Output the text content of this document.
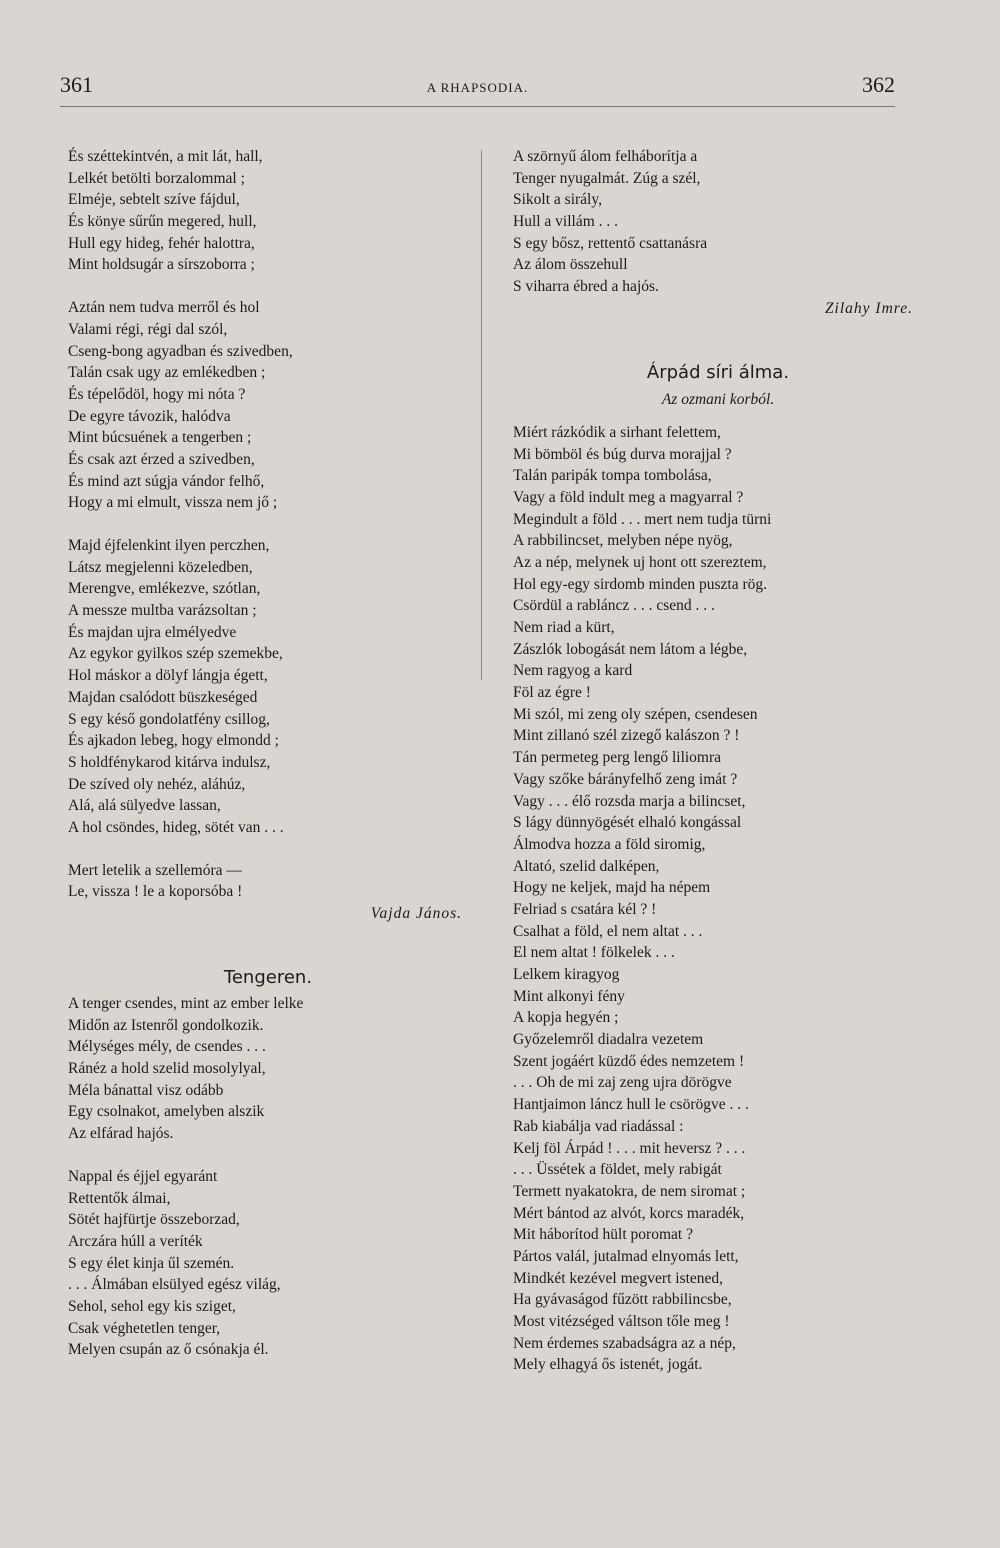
361	A RHAPSODIA.	362
És széttekintvén, a mit lát, hall,
Lelkét betölti borzalommal ;
Elméje, sebtelt szíve fájdul,
És könye sűrűn megered, hull,
Hull egy hideg, fehér halottra,
Mint holdsugár a sírszoborra ;
Aztán nem tudva merről és hol
Valami régi, régi dal szól,
Cseng-bong agyadban és szivedben,
Talán csak ugy az emlékedben ;
És tépelődöl, hogy mi nóta ?
De egyre távozik, halódva
Mint búcsuének a tengerben ;
És csak azt érzed a szivedben,
És mind azt súgja vándor felhő,
Hogy a mi elmult, vissza nem jő ;
Majd éjfelenkint ilyen perczhen,
Látsz megjelenni közeledben,
Merengve, emlékezve, szótlan,
A messze multba varázsoltan ;
És majdan ujra elmélyedve
Az egykor gyilkos szép szemekbe,
Hol máskor a dölyf lángja égett,
Majdan csalódott büszkeséged
S egy késő gondolatfény csillog,
És ajkadon lebeg, hogy elmondd ;
S holdfénykarod kitárva indulsz,
De szíved oly nehéz, aláhúz,
Alá, alá sülyedve lassan,
A hol csöndes, hideg, sötét van . . .
Mert letelik a szellemóra —
Le, vissza ! le a koporsóba !
Vajda János.
Tengeren.
A tenger csendes, mint az ember lelke
Midőn az Istenről gondolkozik.
Mélységes mély, de csendes . . .
Ránéz a hold szelid mosolylyal,
Méla bánattal visz odább
Egy csolnakot, amelyben alszik
Az elfárad hajós.
Nappal és éjjel egyaránt
Rettentők álmai,
Sötét hajfürtje összeborzad,
Arczára húll a veríték
S egy élet kinja űl szemén.
. . . Álmában elsülyed egész világ,
Sehol, sehol egy kis sziget,
Csak véghetetlen tenger,
Melyen csupán az ő csónakja él.
A szörnyű álom felháborítja a
Tenger nyugalmát. Zúg a szél,
Sikolt a sirály,
Hull a villám . . .
S egy bősz, rettentő csattanásra
Az álom összehull
S viharra ébred a hajós.
Zilahy Imre.
Árpád síri álma.
Az ozmani korból.
Miért rázkódik a sirhant felettem,
Mi bömböl és búg durva morajjal ?
Talán paripák tompa tombolása,
Vagy a föld indult meg a magyarral ?
Megindult a föld . . . mert nem tudja türni
A rabbilincset, melyben népe nyög,
Az a nép, melynek uj hont ott szereztem,
Hol egy-egy sirdomb minden puszta rög.
Csördül a rabláncz . . . csend . . .
Nem riad a kürt,
Zászlók lobogását nem látom a légbe,
Nem ragyog a kard
Föl az égre !
Mi szól, mi zeng oly szépen, csendesen
Mint zillanó szél zizegő kalászon ? !
Tán permeteg perg lengő liliomra
Vagy szőke bárányfelhő zeng imát ?
Vagy . . . élő rozsda marja a bilincset,
S lágy dünnyögését elhaló kongással
Álmodva hozza a föld siromig,
Altató, szelid dalképen,
Hogy ne keljek, majd ha népem
Felriad s csatára kél ? !
Csalhat a föld, el nem altat . . .
El nem altat ! fölkelek . . .
Lelkem kiragyog
Mint alkonyi fény
A kopja hegyén ;
Győzelemről diadalra vezetem
Szent jogáért küzdő édes nemzetem !
. . . Oh de mi zaj zeng ujra dörögve
Hantjaimon láncz hull le csörögve . . .
Rab kiabálja vad riadással :
Kelj föl Árpád ! . . . mit heversz ? . . .
. . . Üssétek a földet, mely rabigát
Termett nyakatokra, de nem siromat ;
Mért bántod az alvót, korcs maradék,
Mit háborítod hült poromat ?
Pártos valál, jutalmad elnyomás lett,
Mindkét kezével megvert istened,
Ha gyávaságod fűzött rabbilincsbe,
Most vitézséged váltson tőle meg !
Nem érdemes szabadságra az a nép,
Mely elhagyá ős istenét, jogát.
